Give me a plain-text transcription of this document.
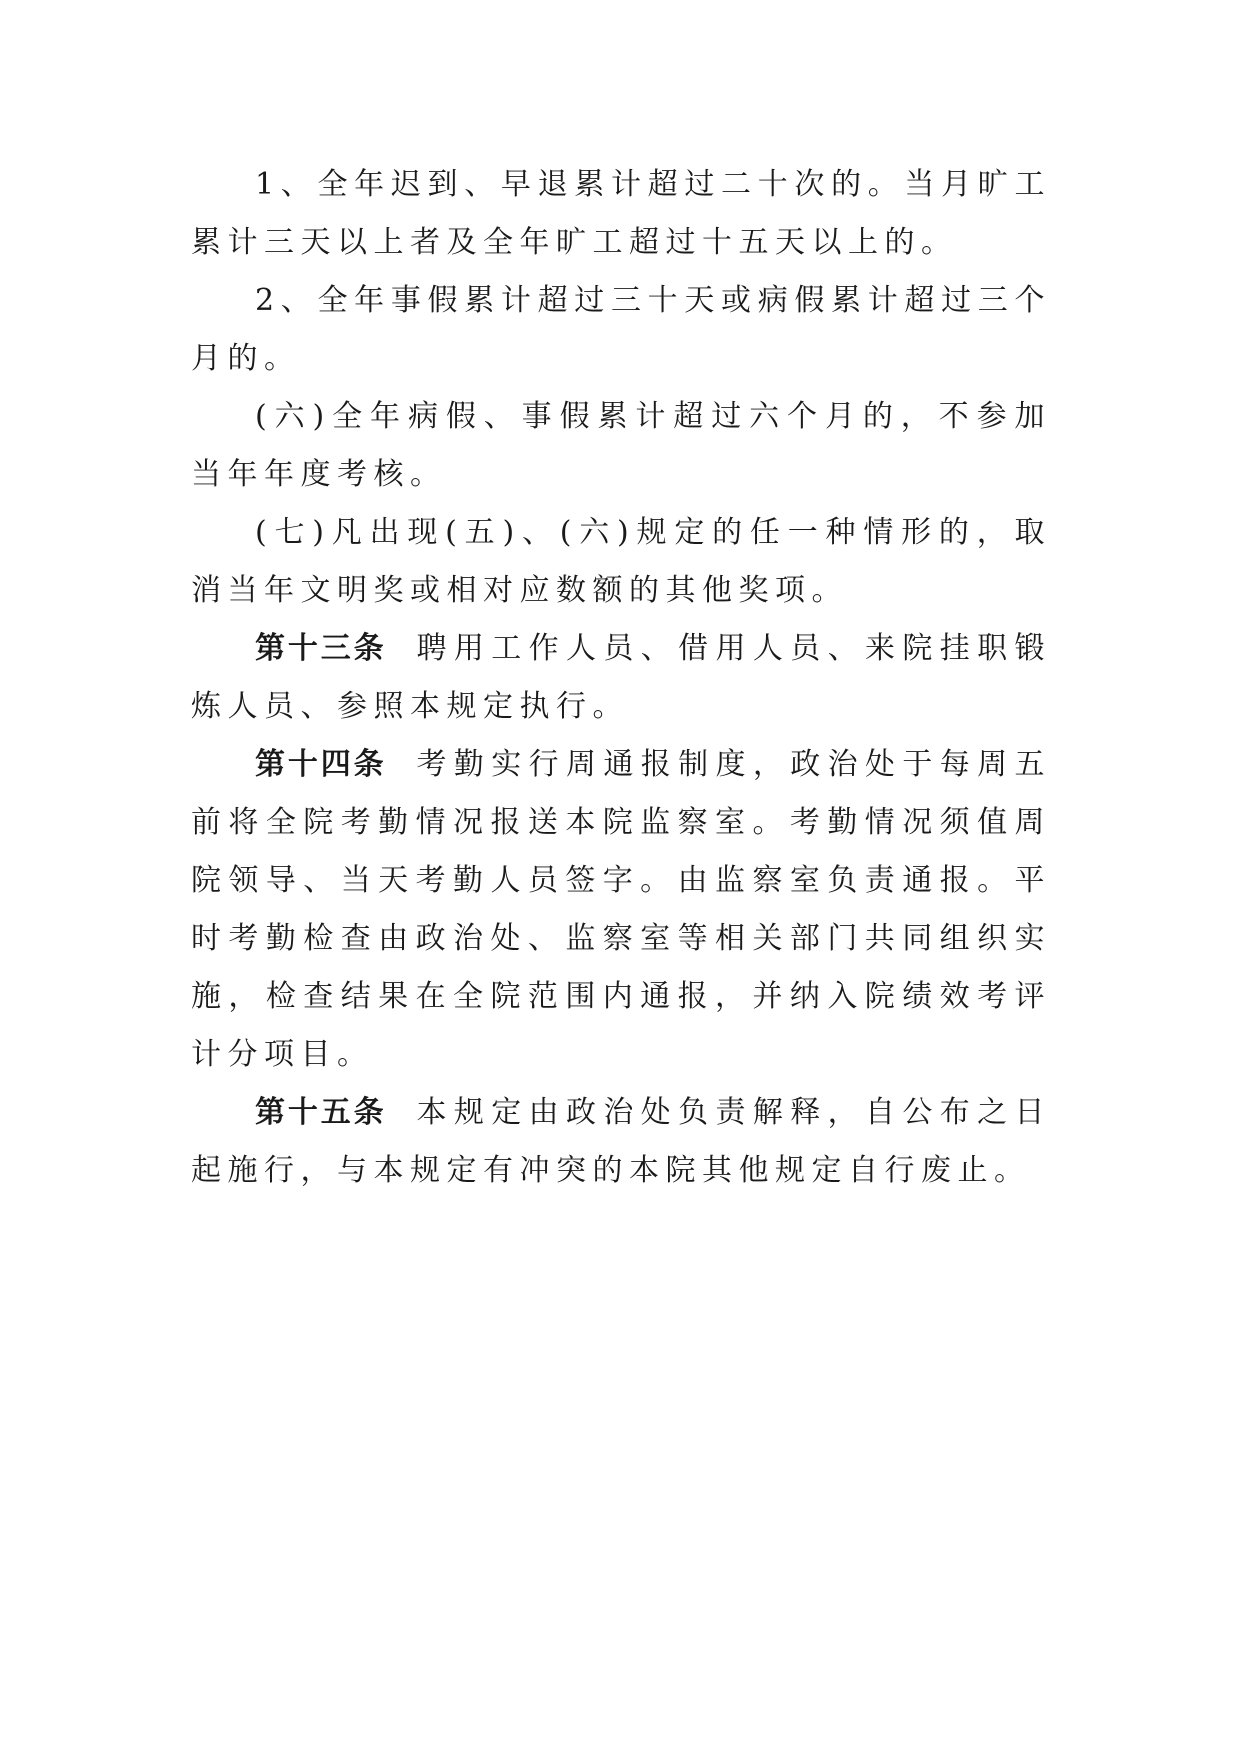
1、全年迟到、早退累计超过二十次的。当月旷工累计三天以上者及全年旷工超过十五天以上的。

2、全年事假累计超过三十天或病假累计超过三个月的。

(六)全年病假、事假累计超过六个月的，不参加当年年度考核。

(七)凡出现(五)、(六)规定的任一种情形的，取消当年文明奖或相对应数额的其他奖项。

第十三条 聘用工作人员、借用人员、来院挂职锻炼人员、参照本规定执行。

第十四条 考勤实行周通报制度，政治处于每周五前将全院考勤情况报送本院监察室。考勤情况须值周院领导、当天考勤人员签字。由监察室负责通报。平时考勤检查由政治处、监察室等相关部门共同组织实施，检查结果在全院范围内通报，并纳入院绩效考评计分项目。

第十五条 本规定由政治处负责解释，自公布之日起施行，与本规定有冲突的本院其他规定自行废止。
